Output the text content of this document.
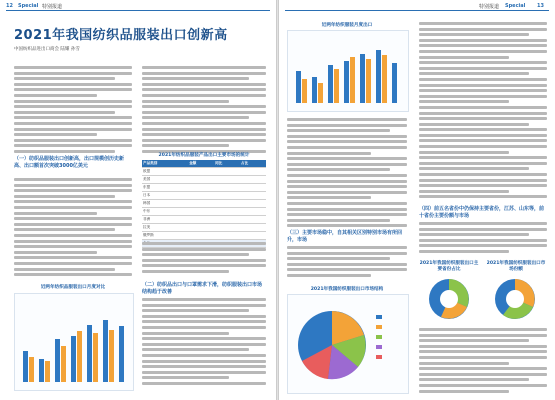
12 Special 特别报道
2021年我国纺织品服装出口创新高
中国纺织品进出口商会 陆耀 孙雪
（一）纺织品服装出口创新高，出口规模创历史新高、出口额首次突破3000亿美元
近两年纺织品服装出口月度对比
2021年纺织品服装产品出口主要市场的统计
产品类别	金额	同比	占比
欧盟			
美国			
东盟			
日本			
韩国			
中东			
非洲			
拉美			
俄罗斯			

（二）纺织品出口与口罩需求下滑，纺织服装出口市场结构趋于改善
特别报道 Special 13
近两年纺织服装月度出口
（三）主要市场稳中，自其相关区别特别市场有所回升，市场
2021年我国纺织服装出口市场结构
（四）前五名省份中仍保持主要省份，江苏、山东等，前十省份主要份额与市场
2021年我国纺织服装出口主要省份占比
2021年我国纺织服装出口市场份额
